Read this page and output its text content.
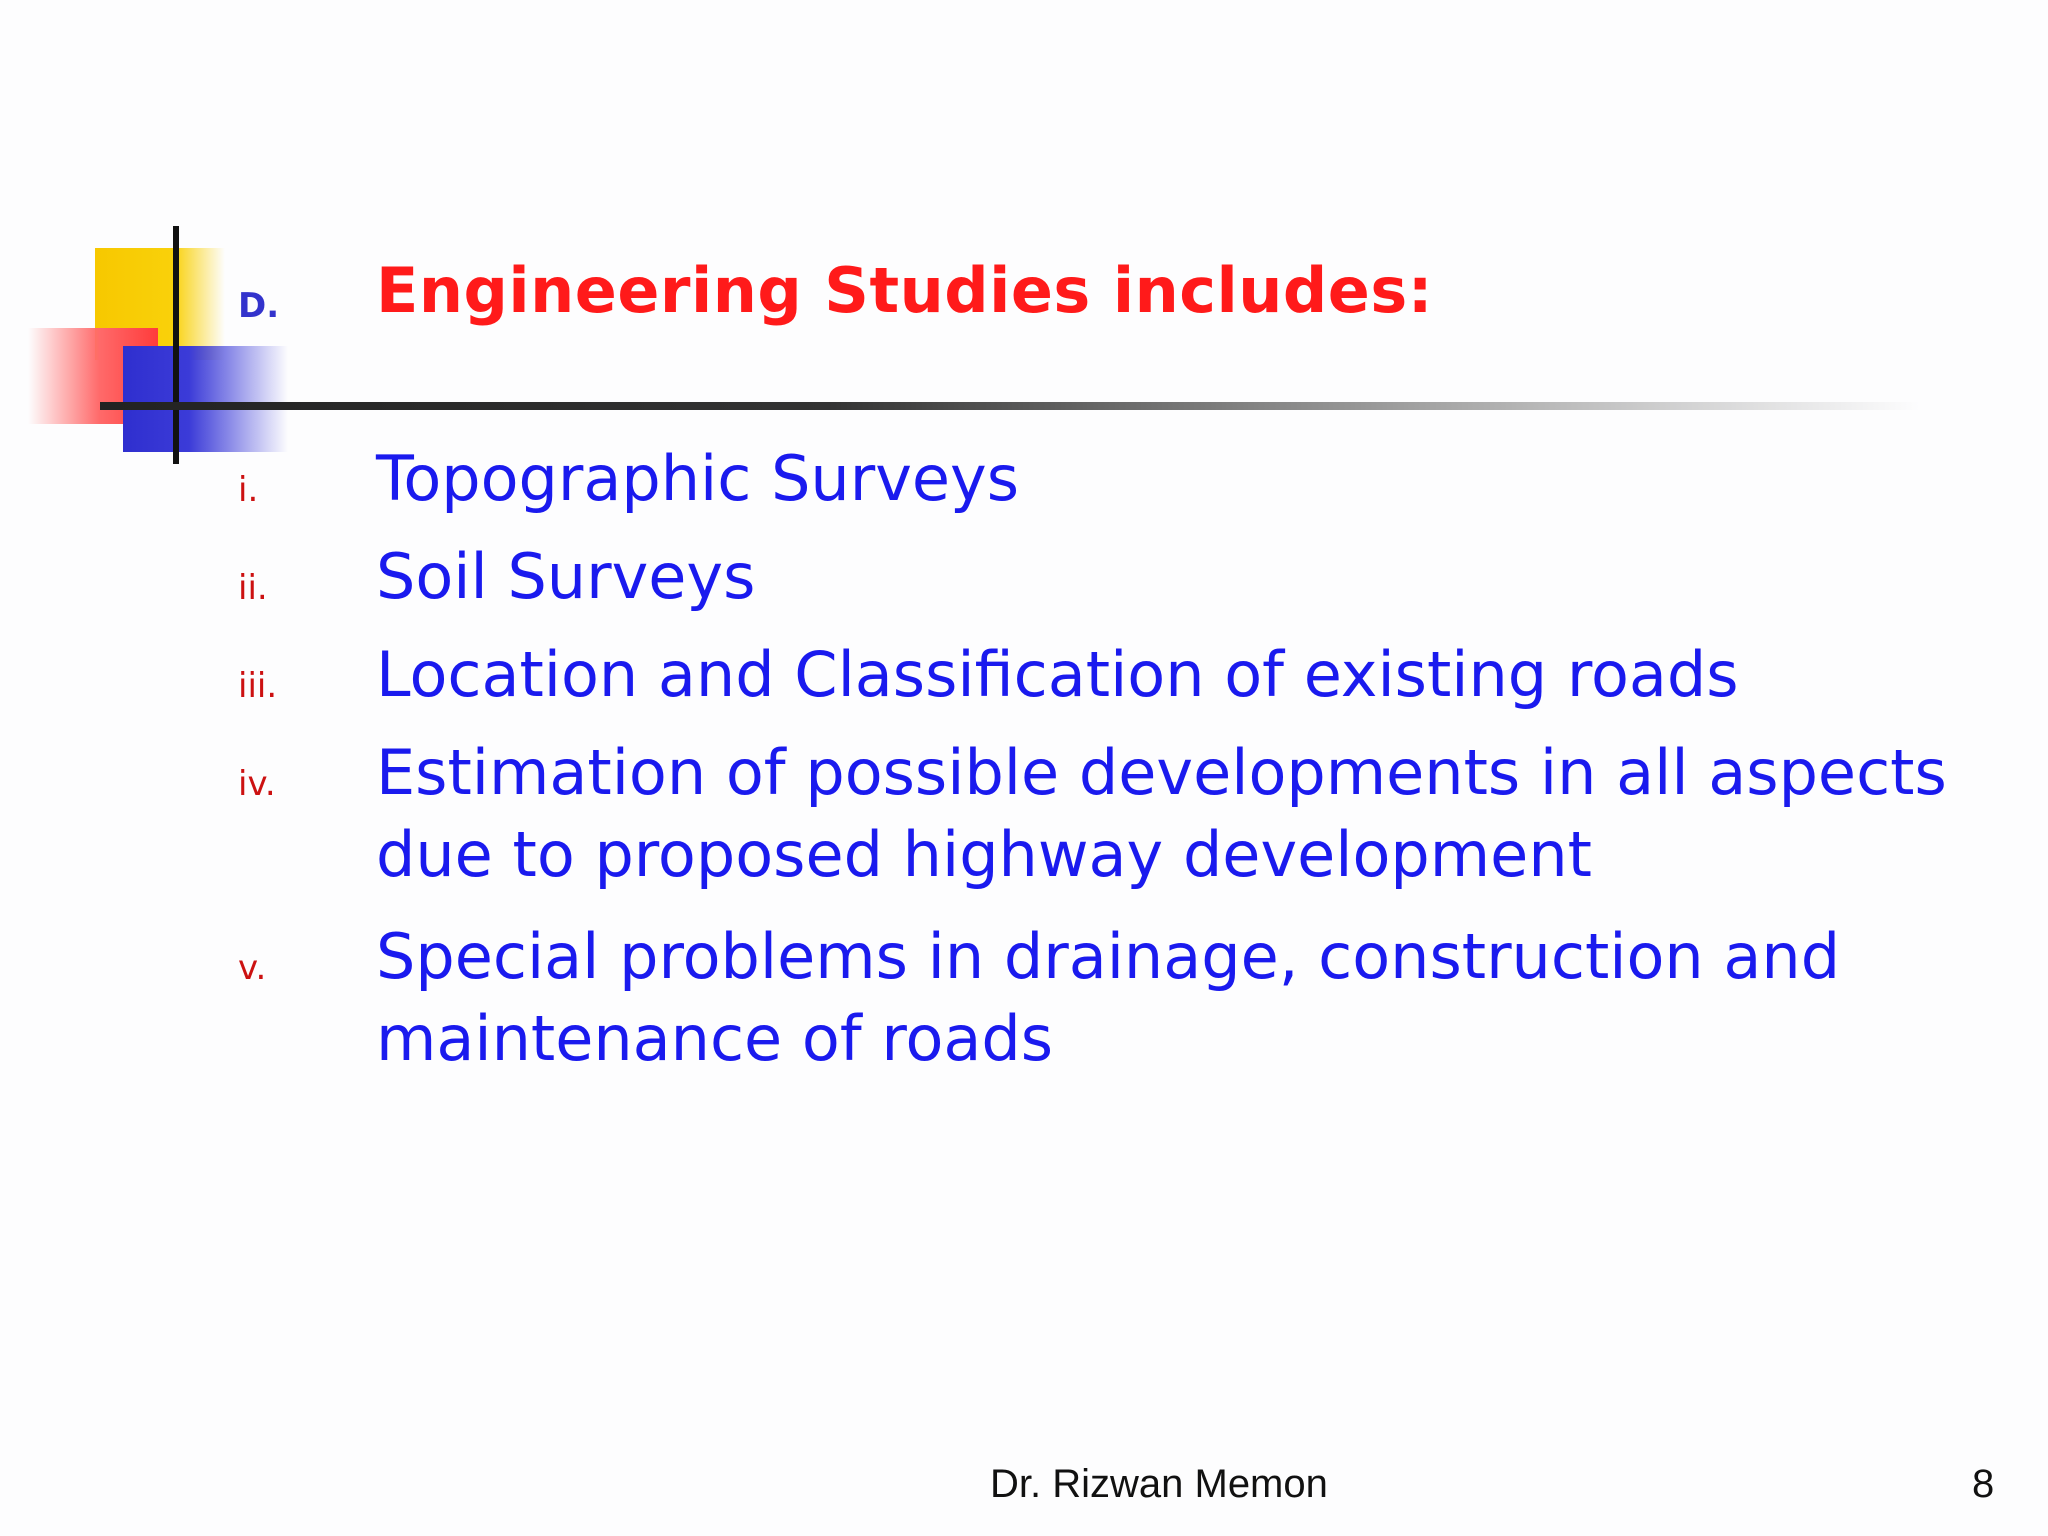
D. Engineering Studies includes:
i. Topographic Surveys
ii. Soil Surveys
iii. Location and Classification of existing roads
iv. Estimation of possible developments in all aspects due to proposed highway development
v. Special problems in drainage, construction and maintenance of roads
Dr. Rizwan Memon	8
